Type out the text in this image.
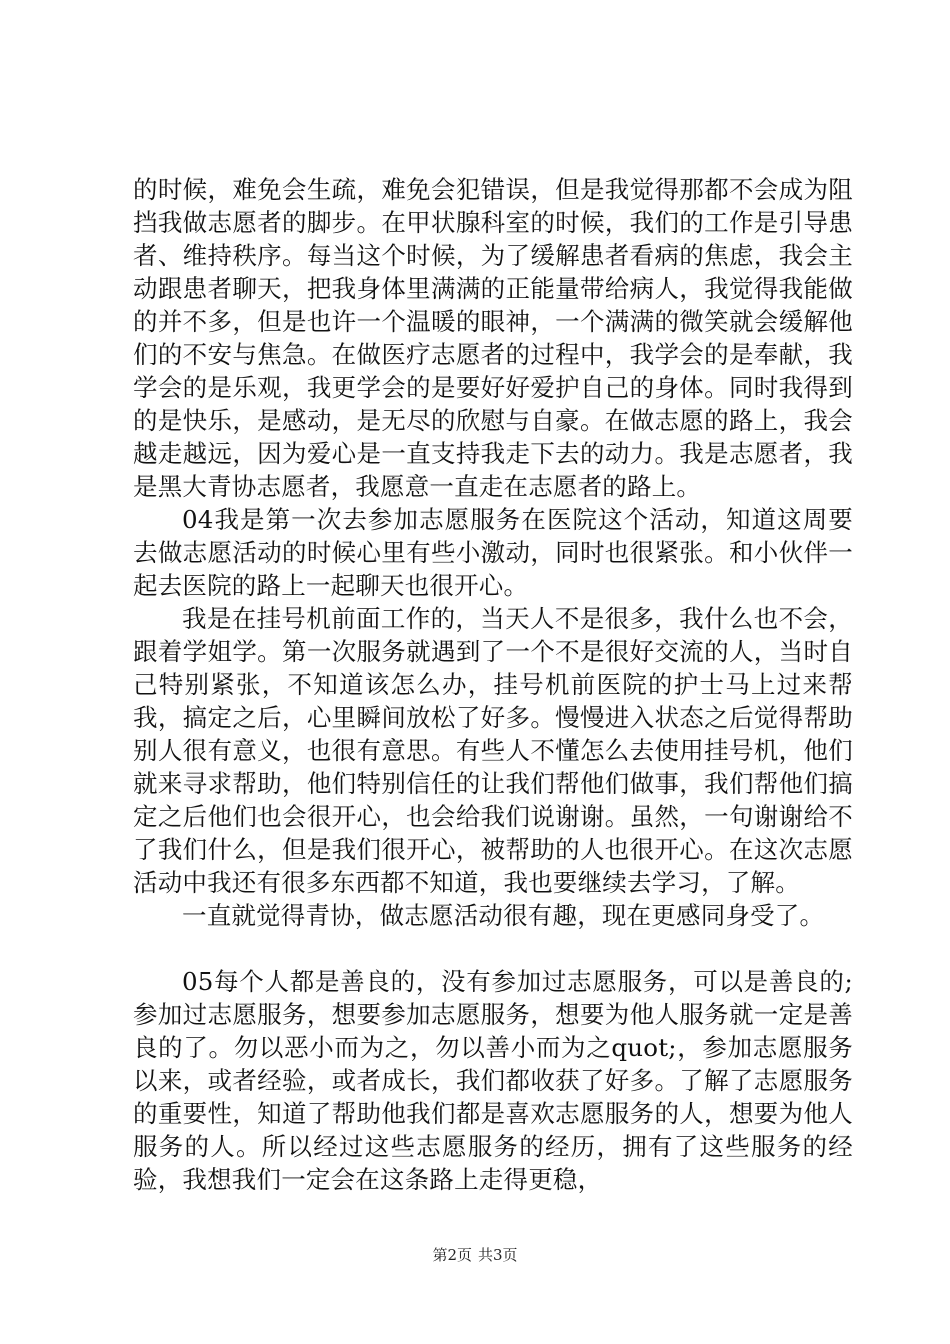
的时候，难免会生疏，难免会犯错误，但是我觉得那都不会成为阻挡我做志愿者的脚步。在甲状腺科室的时候，我们的工作是引导患者、维持秩序。每当这个时候，为了缓解患者看病的焦虑，我会主动跟患者聊天，把我身体里满满的正能量带给病人，我觉得我能做的并不多，但是也许一个温暖的眼神，一个满满的微笑就会缓解他们的不安与焦急。在做医疗志愿者的过程中，我学会的是奉献，我学会的是乐观，我更学会的是要好好爱护自己的身体。同时我得到的是快乐，是感动，是无尽的欣慰与自豪。在做志愿的路上，我会越走越远，因为爱心是一直支持我走下去的动力。我是志愿者，我是黑大青协志愿者，我愿意一直走在志愿者的路上。

04我是第一次去参加志愿服务在医院这个活动，知道这周要去做志愿活动的时候心里有些小激动，同时也很紧张。和小伙伴一起去医院的路上一起聊天也很开心。

我是在挂号机前面工作的，当天人不是很多，我什么也不会，跟着学姐学。第一次服务就遇到了一个不是很好交流的人，当时自己特别紧张，不知道该怎么办，挂号机前医院的护士马上过来帮我，搞定之后，心里瞬间放松了好多。慢慢进入状态之后觉得帮助别人很有意义，也很有意思。有些人不懂怎么去使用挂号机，他们就来寻求帮助，他们特别信任的让我们帮他们做事，我们帮他们搞定之后他们也会很开心，也会给我们说谢谢。虽然，一句谢谢给不了我们什么，但是我们很开心，被帮助的人也很开心。在这次志愿活动中我还有很多东西都不知道，我也要继续去学习，了解。

一直就觉得青协，做志愿活动很有趣，现在更感同身受了。

05每个人都是善良的，没有参加过志愿服务，可以是善良的;参加过志愿服务，想要参加志愿服务，想要为他人服务就一定是善良的了。勿以恶小而为之，勿以善小而为之quot;，参加志愿服务以来，或者经验，或者成长，我们都收获了好多。了解了志愿服务的重要性，知道了帮助他我们都是喜欢志愿服务的人，想要为他人服务的人。所以经过这些志愿服务的经历，拥有了这些服务的经验，我想我们一定会在这条路上走得更稳，

第2页 共3页
